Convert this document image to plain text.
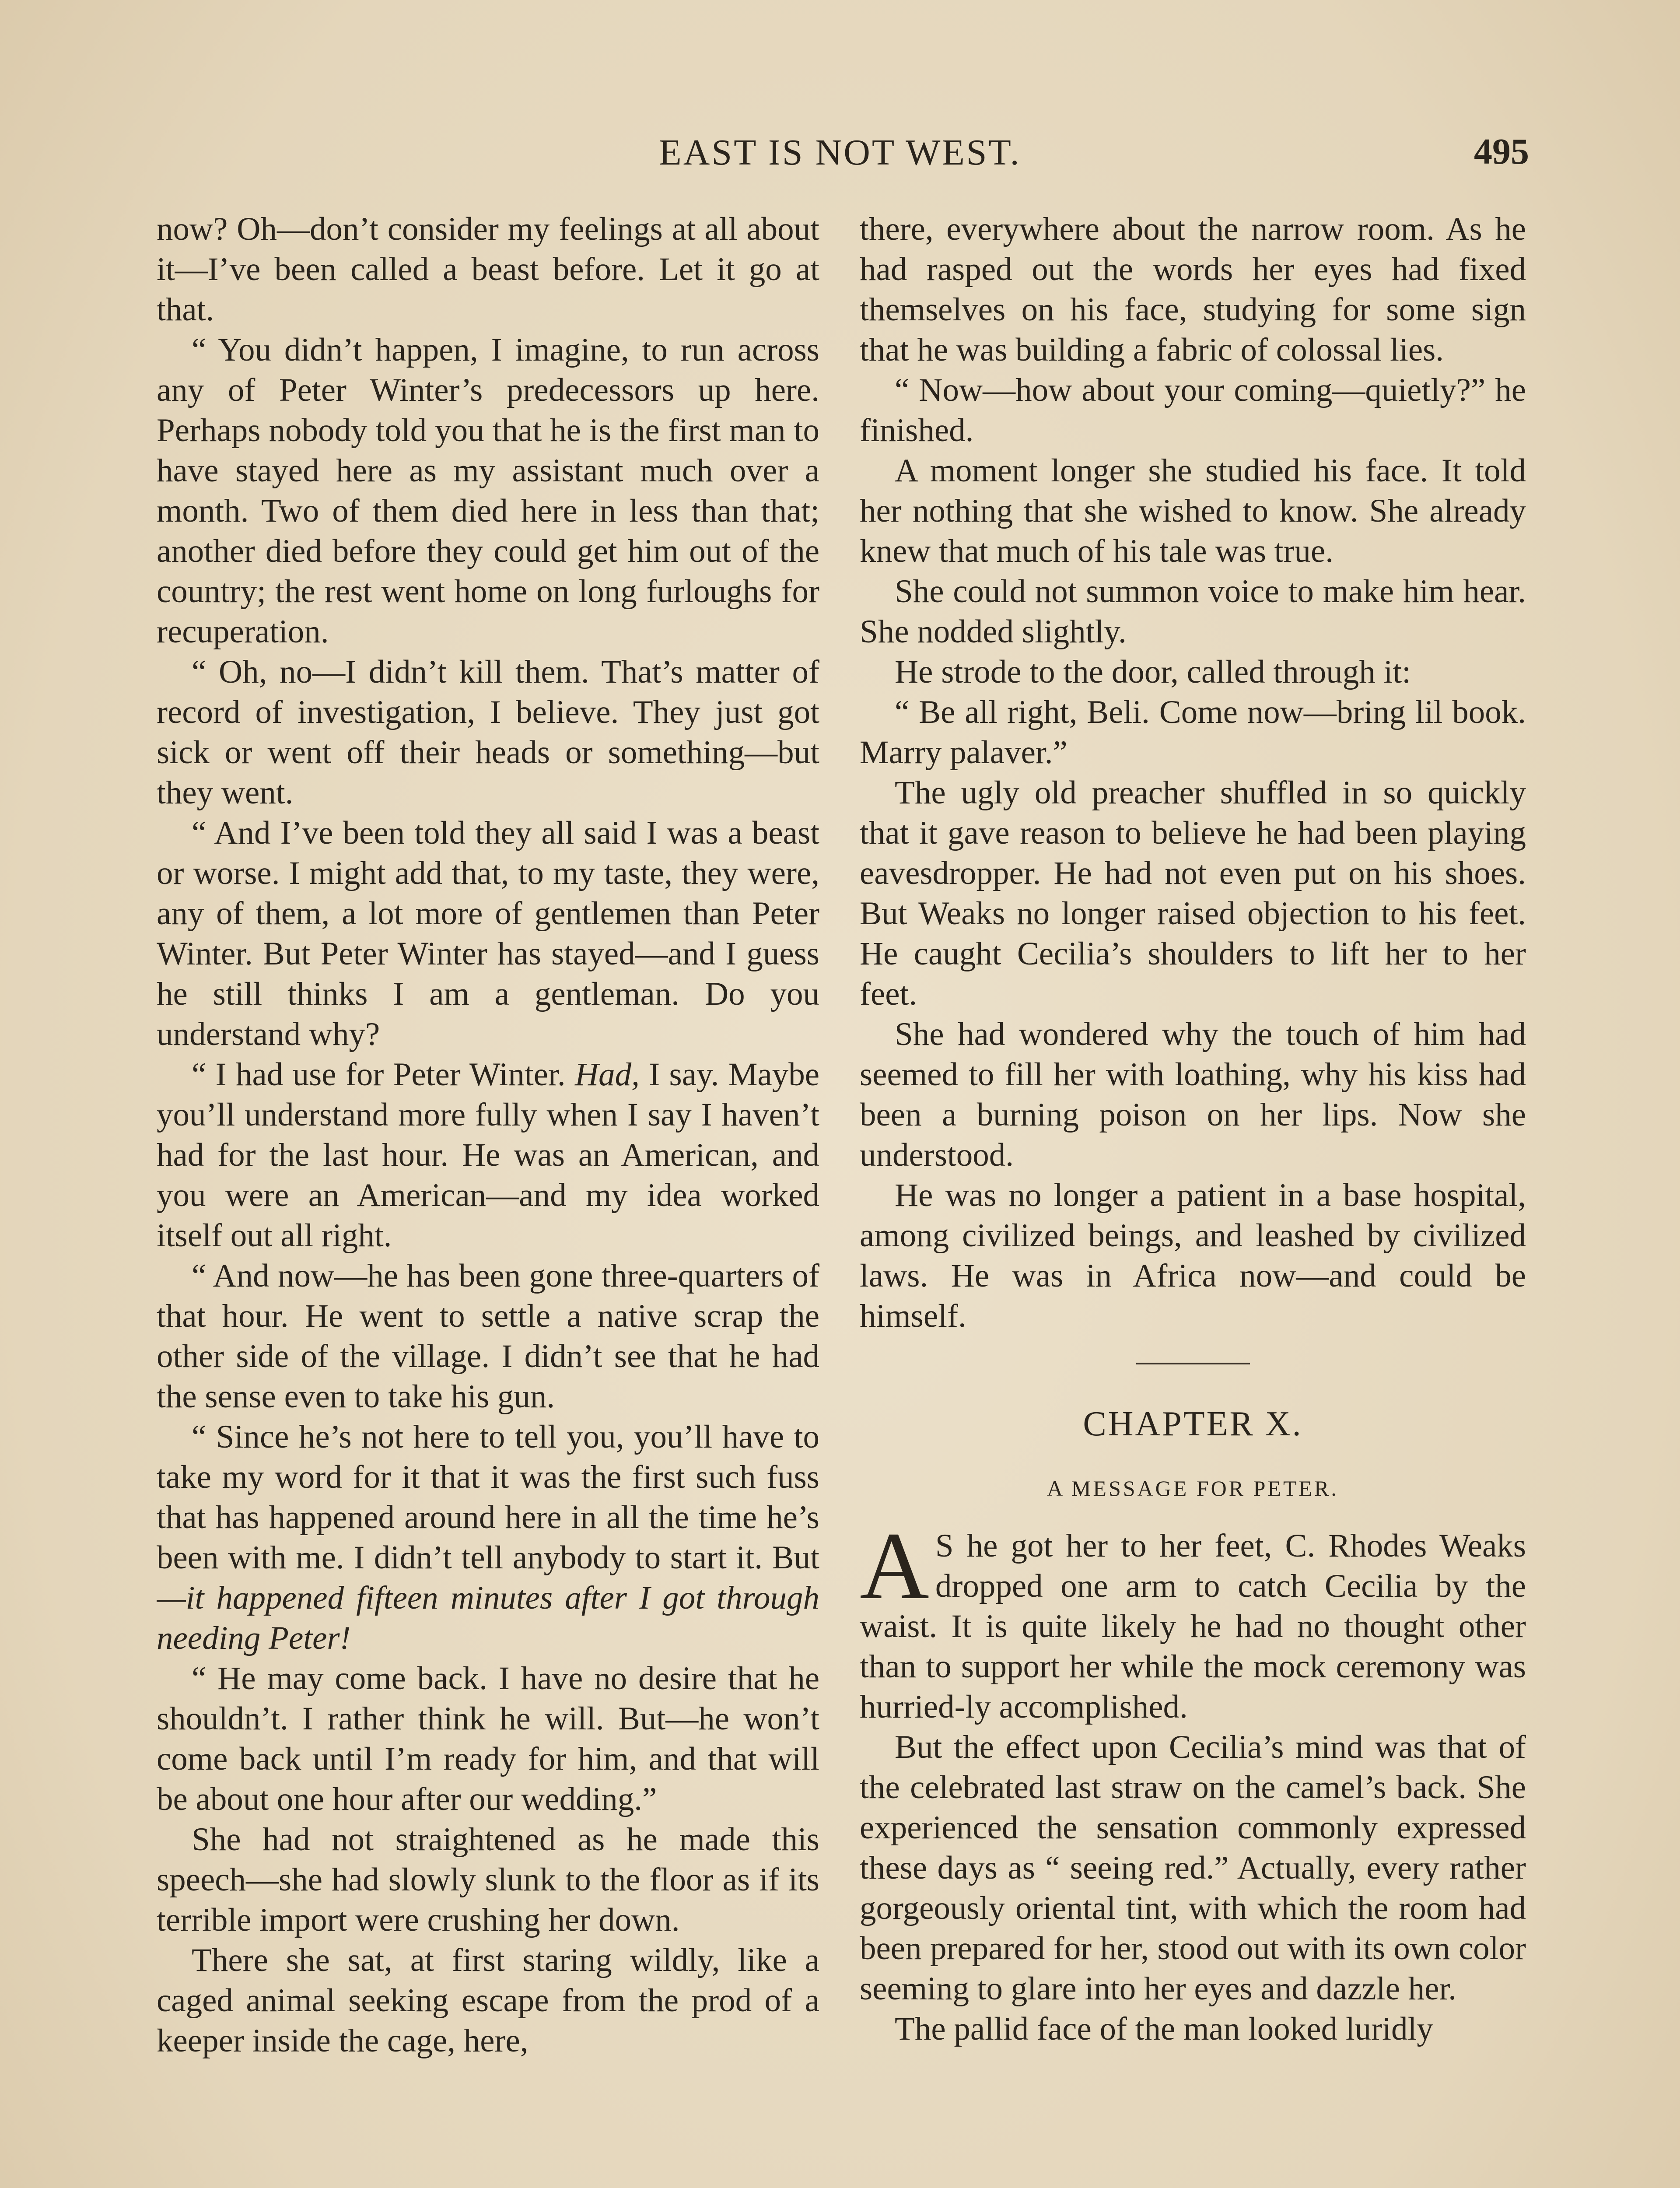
EAST IS NOT WEST.	495

now? Oh—don’t consider my feelings at all about it—I’ve been called a beast before. Let it go at that.

“ You didn’t happen, I imagine, to run across any of Peter Winter’s predecessors up here. Perhaps nobody told you that he is the first man to have stayed here as my assistant much over a month. Two of them died here in less than that; another died before they could get him out of the country; the rest went home on long furloughs for recuperation.

“ Oh, no—I didn’t kill them. That’s matter of record of investigation, I believe. They just got sick or went off their heads or something—but they went.

“ And I’ve been told they all said I was a beast or worse. I might add that, to my taste, they were, any of them, a lot more of gentlemen than Peter Winter. But Peter Winter has stayed—and I guess he still thinks I am a gentleman. Do you understand why?

“ I had use for Peter Winter. Had, I say. Maybe you’ll understand more fully when I say I haven’t had for the last hour. He was an American, and you were an American—and my idea worked itself out all right.

“ And now—he has been gone three-quarters of that hour. He went to settle a native scrap the other side of the village. I didn’t see that he had the sense even to take his gun.

“ Since he’s not here to tell you, you’ll have to take my word for it that it was the first such fuss that has happened around here in all the time he’s been with me. I didn’t tell anybody to start it. But —it happened fifteen minutes after I got through needing Peter!

“ He may come back. I have no desire that he shouldn’t. I rather think he will. But—he won’t come back until I’m ready for him, and that will be about one hour after our wedding.”

She had not straightened as he made this speech—she had slowly slunk to the floor as if its terrible import were crushing her down.

There she sat, at first staring wildly, like a caged animal seeking escape from the prod of a keeper inside the cage, here,

there, everywhere about the narrow room. As he had rasped out the words her eyes had fixed themselves on his face, studying for some sign that he was building a fabric of colossal lies.

“ Now—how about your coming—quietly?” he finished.

A moment longer she studied his face. It told her nothing that she wished to know. She already knew that much of his tale was true.

She could not summon voice to make him hear. She nodded slightly.

He strode to the door, called through it:

“ Be all right, Beli. Come now—bring lil book. Marry palaver.”

The ugly old preacher shuffled in so quickly that it gave reason to believe he had been playing eavesdropper. He had not even put on his shoes. But Weaks no longer raised objection to his feet. He caught Cecilia’s shoulders to lift her to her feet.

She had wondered why the touch of him had seemed to fill her with loathing, why his kiss had been a burning poison on her lips. Now she understood.

He was no longer a patient in a base hospital, among civilized beings, and leashed by civilized laws. He was in Africa now—and could be himself.

CHAPTER X.
A MESSAGE FOR PETER.

A S he got her to her feet, C. Rhodes Weaks dropped one arm to catch Cecilia by the waist. It is quite likely he had no thought other than to support her while the mock ceremony was hurried-ly accomplished.

But the effect upon Cecilia’s mind was that of the celebrated last straw on the camel’s back. She experienced the sensation commonly expressed these days as “ seeing red.” Actually, every rather gorgeously oriental tint, with which the room had been prepared for her, stood out with its own color seeming to glare into her eyes and dazzle her.

The pallid face of the man looked luridly
